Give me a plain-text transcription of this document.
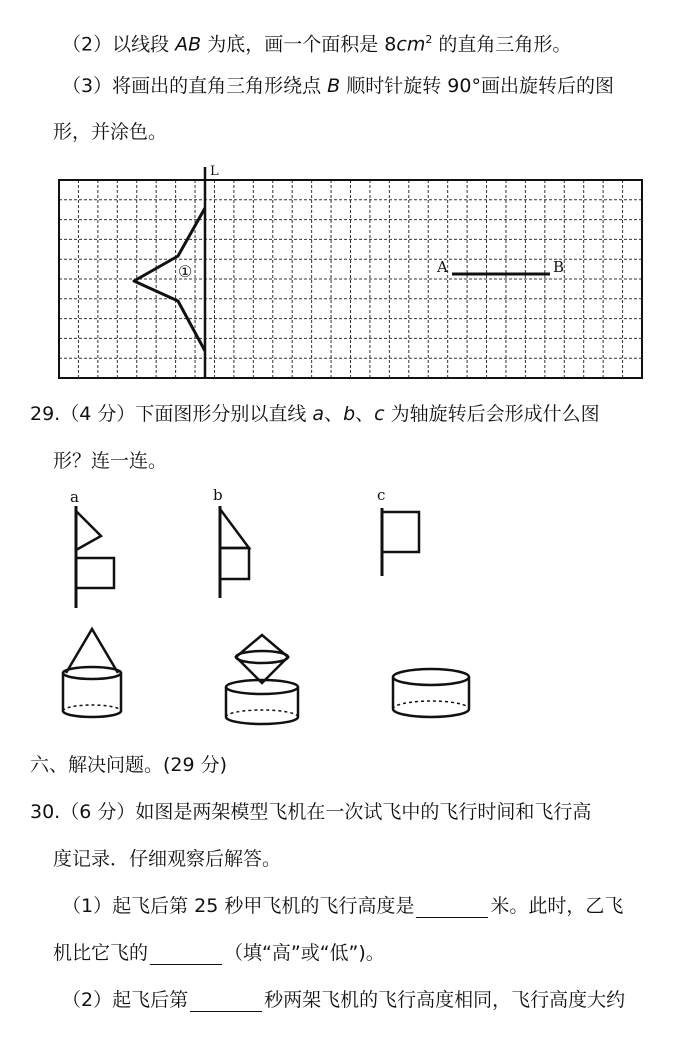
（2）以线段 AB 为底，画一个面积是 $8cm^2$ 的直角三角形。
（3）将画出的直角三角形绕点 B 顺时针旋转 90°画出旋转后的图
形，并涂色。
L
①	A	B
29.（4 分）下面图形分别以直线 a、b、c 为轴旋转后会形成什么图
形？连一连。
a	b	c
六、解决问题。(29 分)
30.（6 分）如图是两架模型飞机在一次试飞中的飞行时间和飞行高
度记录．仔细观察后解答。
（1）起飞后第 25 秒甲飞机的飞行高度是	米。此时，乙飞
机比它飞的	（填“高”或“低”)。
（2）起飞后第	秒两架飞机的飞行高度相同，飞行高度大约
